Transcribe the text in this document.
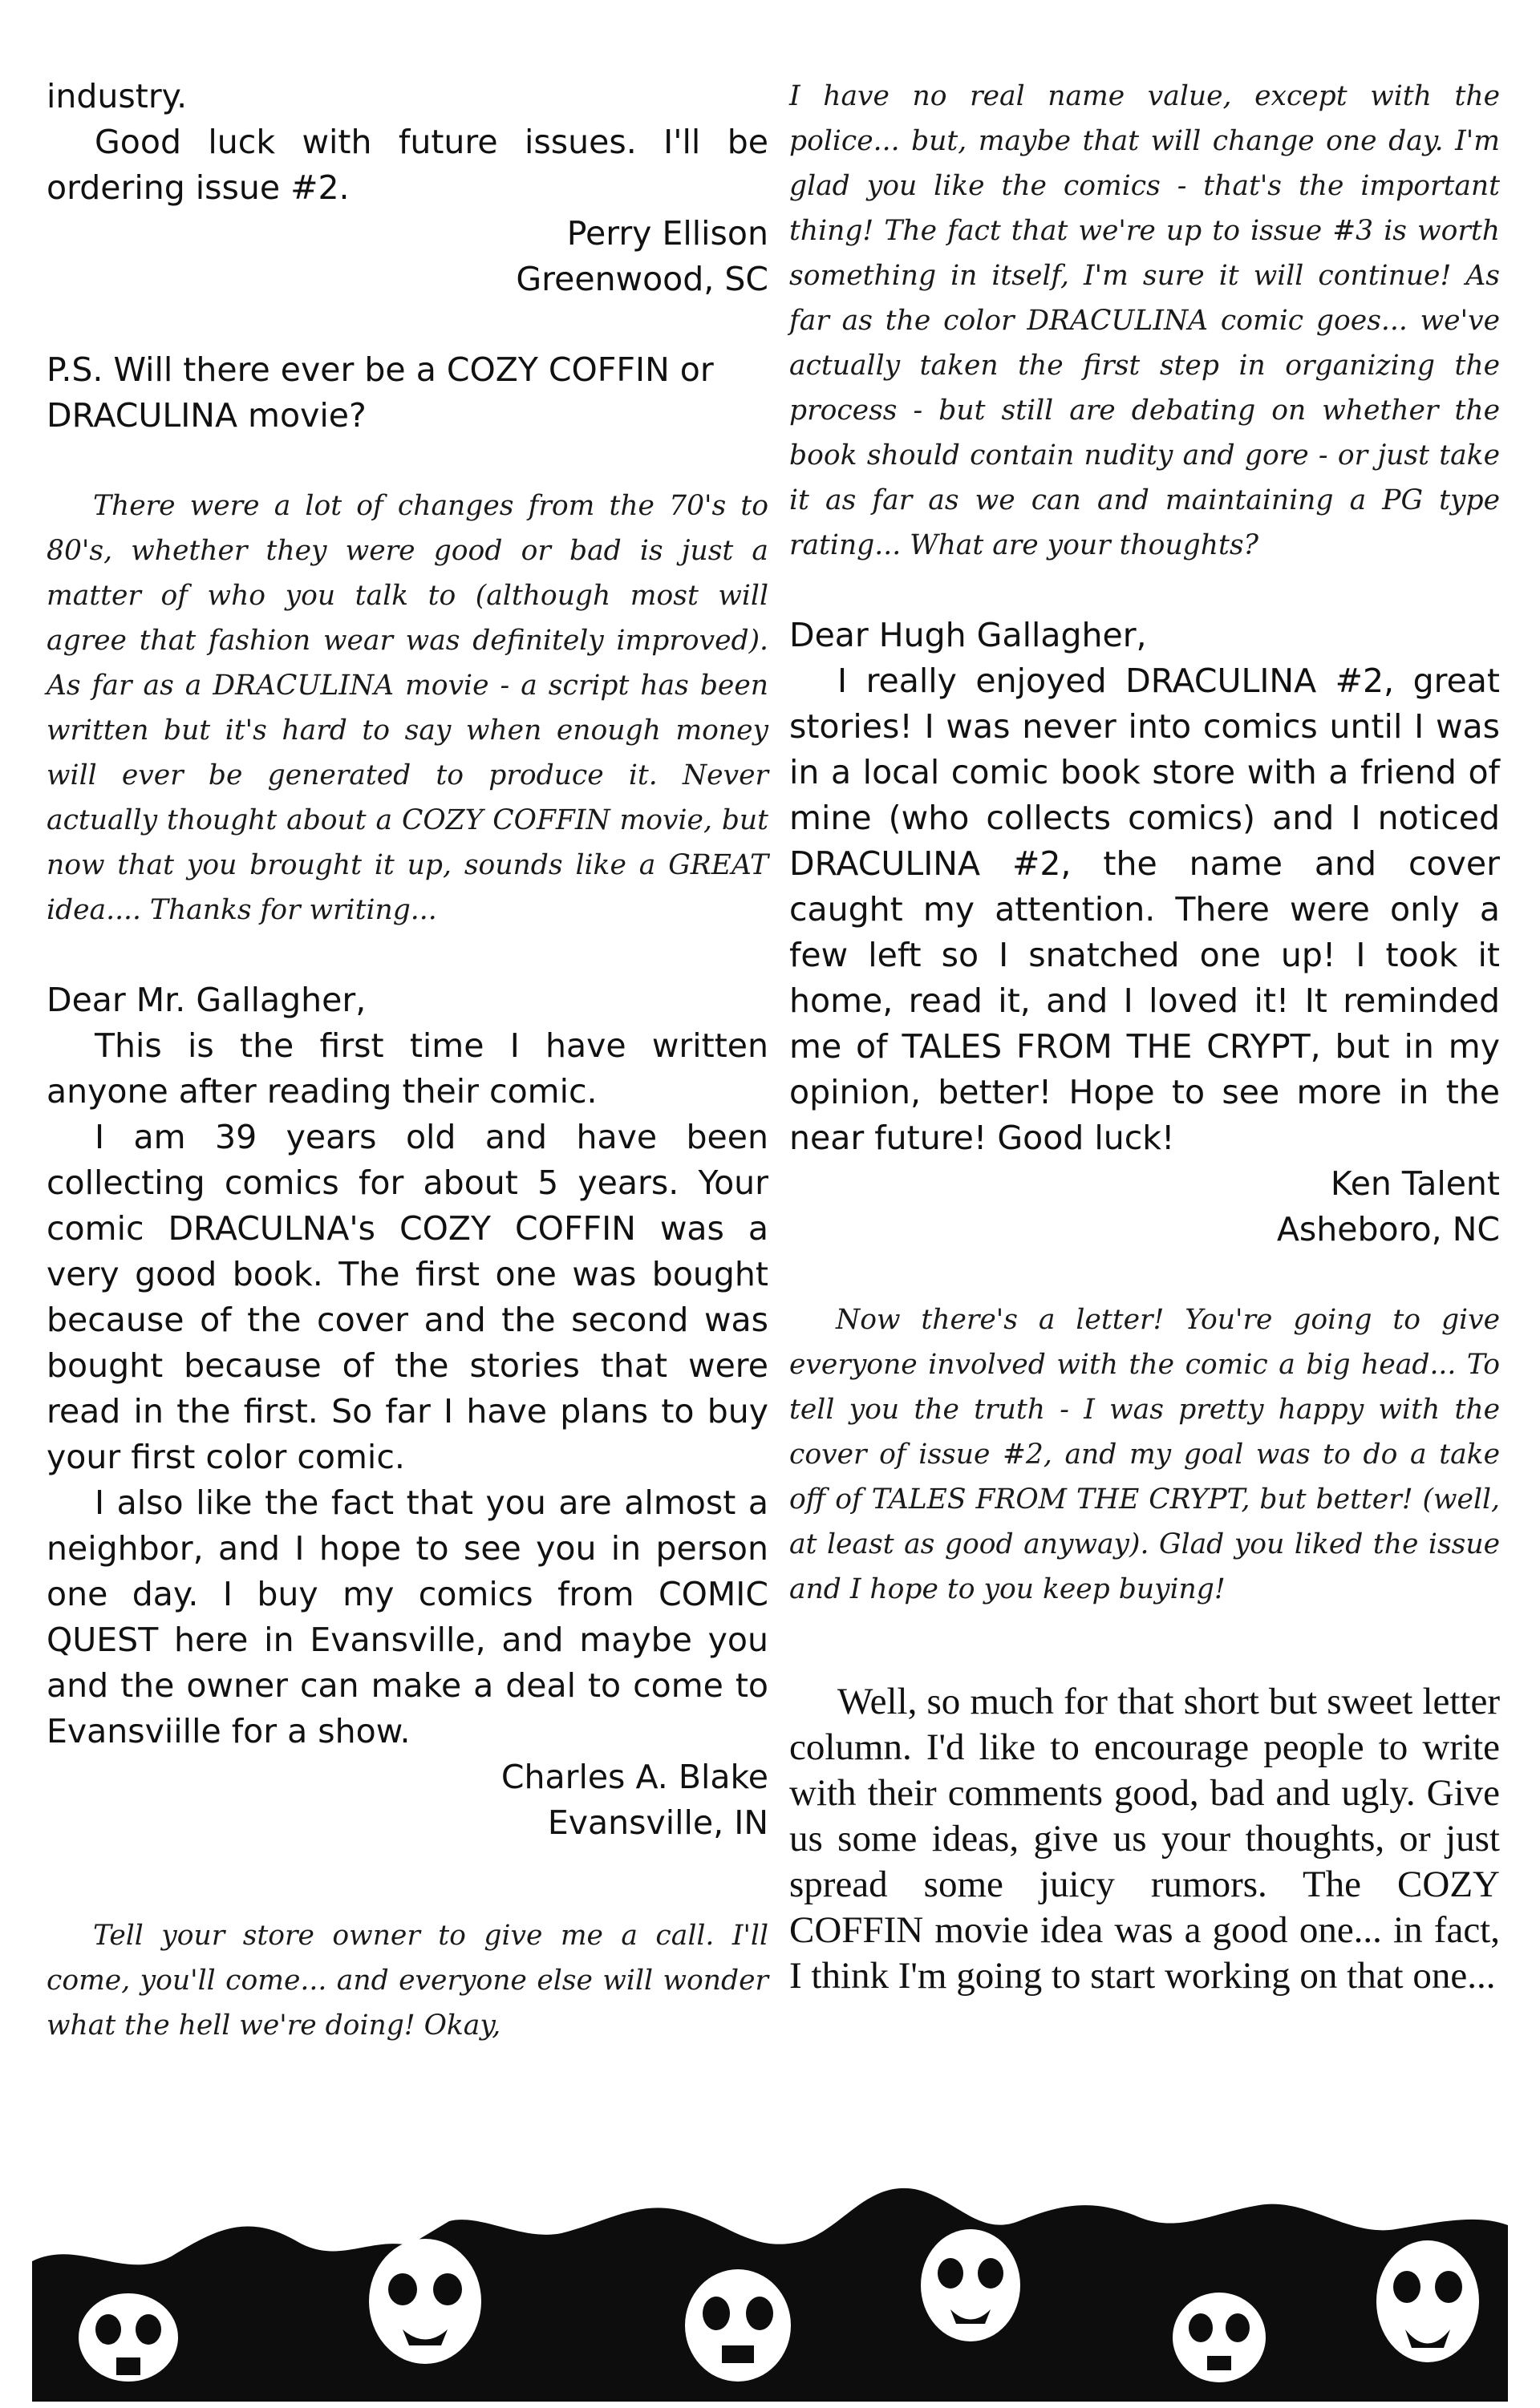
industry.

Good luck with future issues. I'll be ordering issue #2.

Perry Ellison

Greenwood, SC

P.S. Will there ever be a COZY COFFIN or DRACULINA movie?

There were a lot of changes from the 70's to 80's, whether they were good or bad is just a matter of who you talk to (although most will agree that fashion wear was definitely improved). As far as a DRACULINA movie - a script has been written but it's hard to say when enough money will ever be generated to produce it. Never actually thought about a COZY COFFIN movie, but now that you brought it up, sounds like a GREAT idea.... Thanks for writing...

Dear Mr. Gallagher,

This is the first time I have written anyone after reading their comic.

I am 39 years old and have been collecting comics for about 5 years. Your comic DRACULNA's COZY COFFIN was a very good book. The first one was bought because of the cover and the second was bought because of the stories that were read in the first. So far I have plans to buy your first color comic.

I also like the fact that you are almost a neighbor, and I hope to see you in person one day. I buy my comics from COMIC QUEST here in Evansville, and maybe you and the owner can make a deal to come to Evansviille for a show.

Charles A. Blake

Evansville, IN

Tell your store owner to give me a call. I'll come, you'll come... and everyone else will wonder what the hell we're doing! Okay,

I have no real name value, except with the police... but, maybe that will change one day. I'm glad you like the comics - that's the important thing! The fact that we're up to issue #3 is worth something in itself, I'm sure it will continue! As far as the color DRACULINA comic goes... we've actually taken the first step in organizing the process - but still are debating on whether the book should contain nudity and gore - or just take it as far as we can and maintaining a PG type rating... What are your thoughts?

Dear Hugh Gallagher,

I really enjoyed DRACULINA #2, great stories! I was never into comics until I was in a local comic book store with a friend of mine (who collects comics) and I noticed DRACULINA #2, the name and cover caught my attention. There were only a few left so I snatched one up! I took it home, read it, and I loved it! It reminded me of TALES FROM THE CRYPT, but in my opinion, better! Hope to see more in the near future! Good luck!

Ken Talent

Asheboro, NC

Now there's a letter! You're going to give everyone involved with the comic a big head... To tell you the truth - I was pretty happy with the cover of issue #2, and my goal was to do a take off of TALES FROM THE CRYPT, but better! (well, at least as good anyway). Glad you liked the issue and I hope to you keep buying!

Well, so much for that short but sweet letter column. I'd like to encourage people to write with their comments good, bad and ugly. Give us some ideas, give us your thoughts, or just spread some juicy rumors. The COZY COFFIN movie idea was a good one... in fact, I think I'm going to start working on that one...
